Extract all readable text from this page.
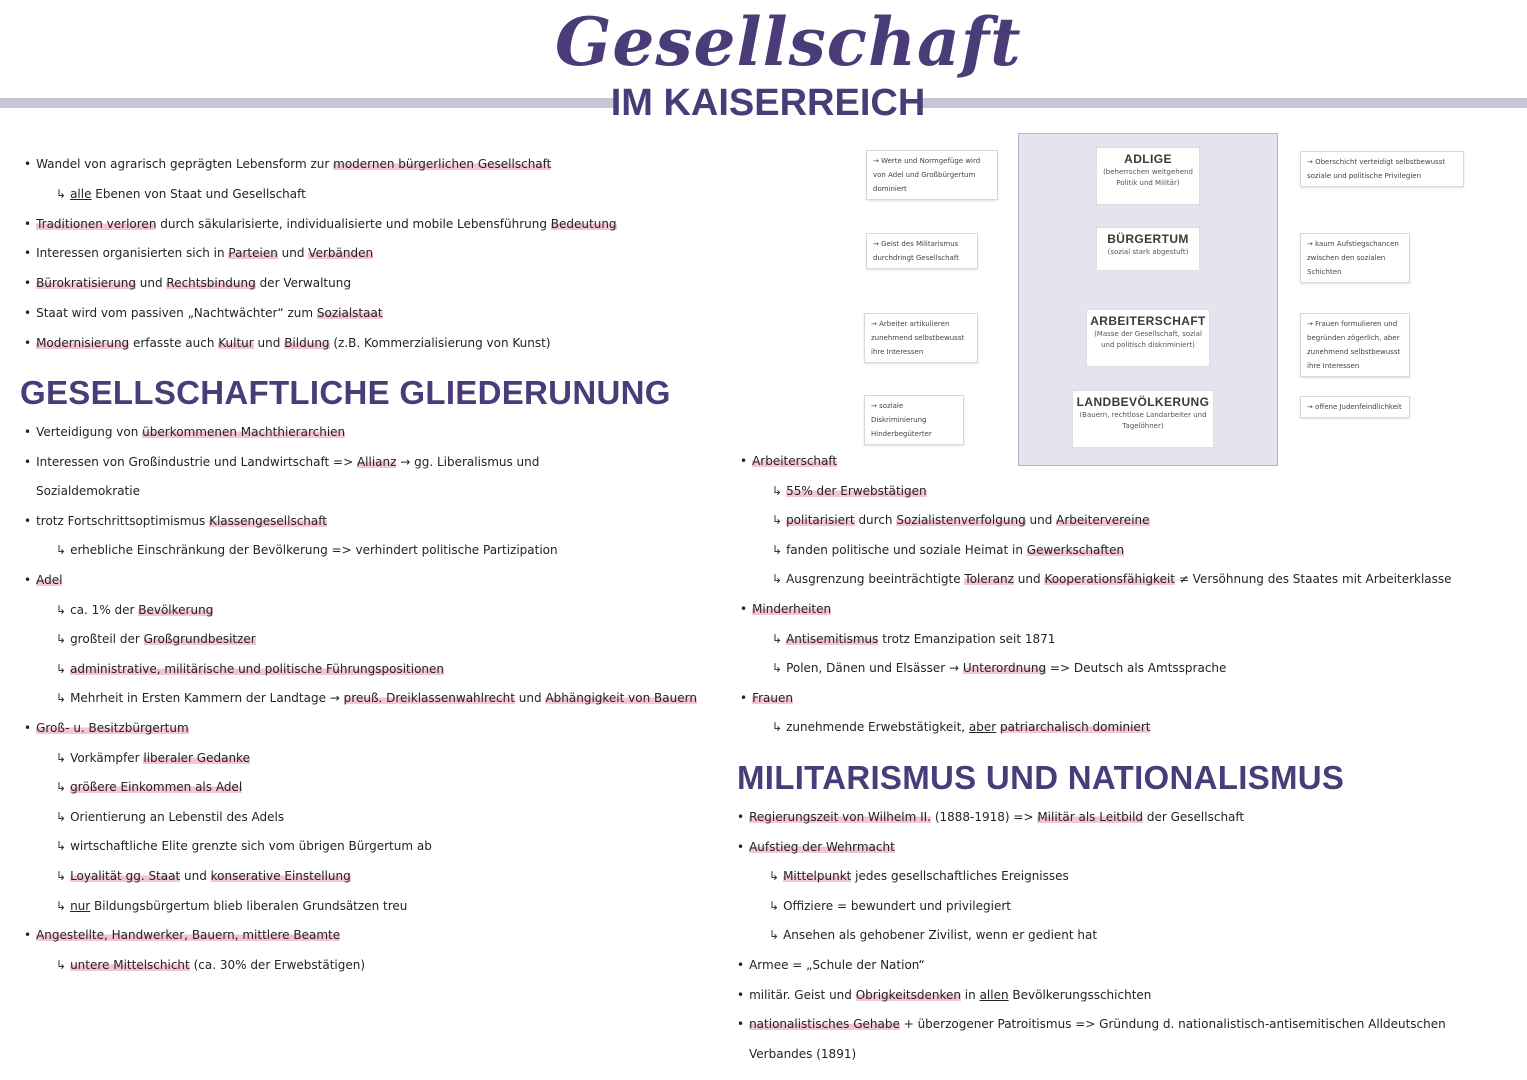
Gesellschaft
IM KAISERREICH
• Wandel von agrarisch geprägten Lebensform zur modernen bürgerlichen Gesellschaft
↳ alle Ebenen von Staat und Gesellschaft
• Traditionen verloren durch säkularisierte, individualisierte und mobile Lebensführung Bedeutung
• Interessen organisierten sich in Parteien und Verbänden
• Bürokratisierung und Rechtsbindung der Verwaltung
• Staat wird vom passiven „Nachtwächter“ zum Sozialstaat
• Modernisierung erfasste auch Kultur und Bildung (z.B. Kommerzialisierung von Kunst)
GESELLSCHAFTLICHE GLIEDERUNUNG
• Verteidigung von überkommenen Machthierarchien
• Interessen von Großindustrie und Landwirtschaft => Allianz → gg. Liberalismus und
Sozialdemokratie
• trotz Fortschrittsoptimismus Klassengesellschaft
↳ erhebliche Einschränkung der Bevölkerung => verhindert politische Partizipation
• Adel
↳ ca. 1% der Bevölkerung
↳ großteil der Großgrundbesitzer
↳ administrative, militärische und politische Führungspositionen
↳ Mehrheit in Ersten Kammern der Landtage → preuß. Dreiklassenwahlrecht und Abhängigkeit von Bauern
• Groß- u. Besitzbürgertum
↳ Vorkämpfer liberaler Gedanke
↳ größere Einkommen als Adel
↳ Orientierung an Lebenstil des Adels
↳ wirtschaftliche Elite grenzte sich vom übrigen Bürgertum ab
↳ Loyalität gg. Staat und konserative Einstellung
↳ nur Bildungsbürgertum blieb liberalen Grundsätzen treu
• Angestellte, Handwerker, Bauern, mittlere Beamte
↳ untere Mittelschicht (ca. 30% der Erwebstätigen)
• Arbeiterschaft
↳ 55% der Erwebstätigen
↳ politarisiert durch Sozialistenverfolgung und Arbeitervereine
↳ fanden politische und soziale Heimat in Gewerkschaften
↳ Ausgrenzung beeinträchtigte Toleranz und Kooperationsfähigkeit ≠ Versöhnung des Staates mit Arbeiterklasse
• Minderheiten
↳ Antisemitismus trotz Emanzipation seit 1871
↳ Polen, Dänen und Elsässer → Unterordnung => Deutsch als Amtssprache
• Frauen
↳ zunehmende Erwebstätigkeit, aber patriarchalisch dominiert
MILITARISMUS UND NATIONALISMUS
• Regierungszeit von Wilhelm II. (1888-1918) => Militär als Leitbild der Gesellschaft
• Aufstieg der Wehrmacht
↳ Mittelpunkt jedes gesellschaftliches Ereignisses
↳ Offiziere = bewundert und privilegiert
↳ Ansehen als gehobener Zivilist, wenn er gedient hat
• Armee = „Schule der Nation“
• militär. Geist und Obrigkeitsdenken in allen Bevölkerungsschichten
• nationalistisches Gehabe + überzogener Patroitismus => Gründung d. nationalistisch-antisemitischen Alldeutschen
Verbandes (1891)
ADLIGE
(beherrschen weitgehend Politik und Militär)
BÜRGERTUM
(sozial stark abgestuft)
ARBEITERSCHAFT
(Masse der Gesellschaft, sozial und politisch diskriminiert)
LANDBEVÖLKERUNG
(Bauern, rechtlose Landarbeiter und Tagelöhner)
→ Werte und Normgefüge wird von Adel und Großbürgertum dominiert
→ Geist des Militarismus durchdringt Gesellschaft
→ Arbeiter artikulieren zunehmend selbstbewusst ihre Interessen
→ soziale Diskriminierung Hinderbegüterter
→ Oberschicht verteidigt selbstbewusst soziale und politische Privilegien
→ kaum Aufstiegschancen zwischen den sozialen Schichten
→ Frauen formulieren und begründen zögerlich, aber zunehmend selbstbewusst ihre Interessen
→ offene Judenfeindlichkeit
